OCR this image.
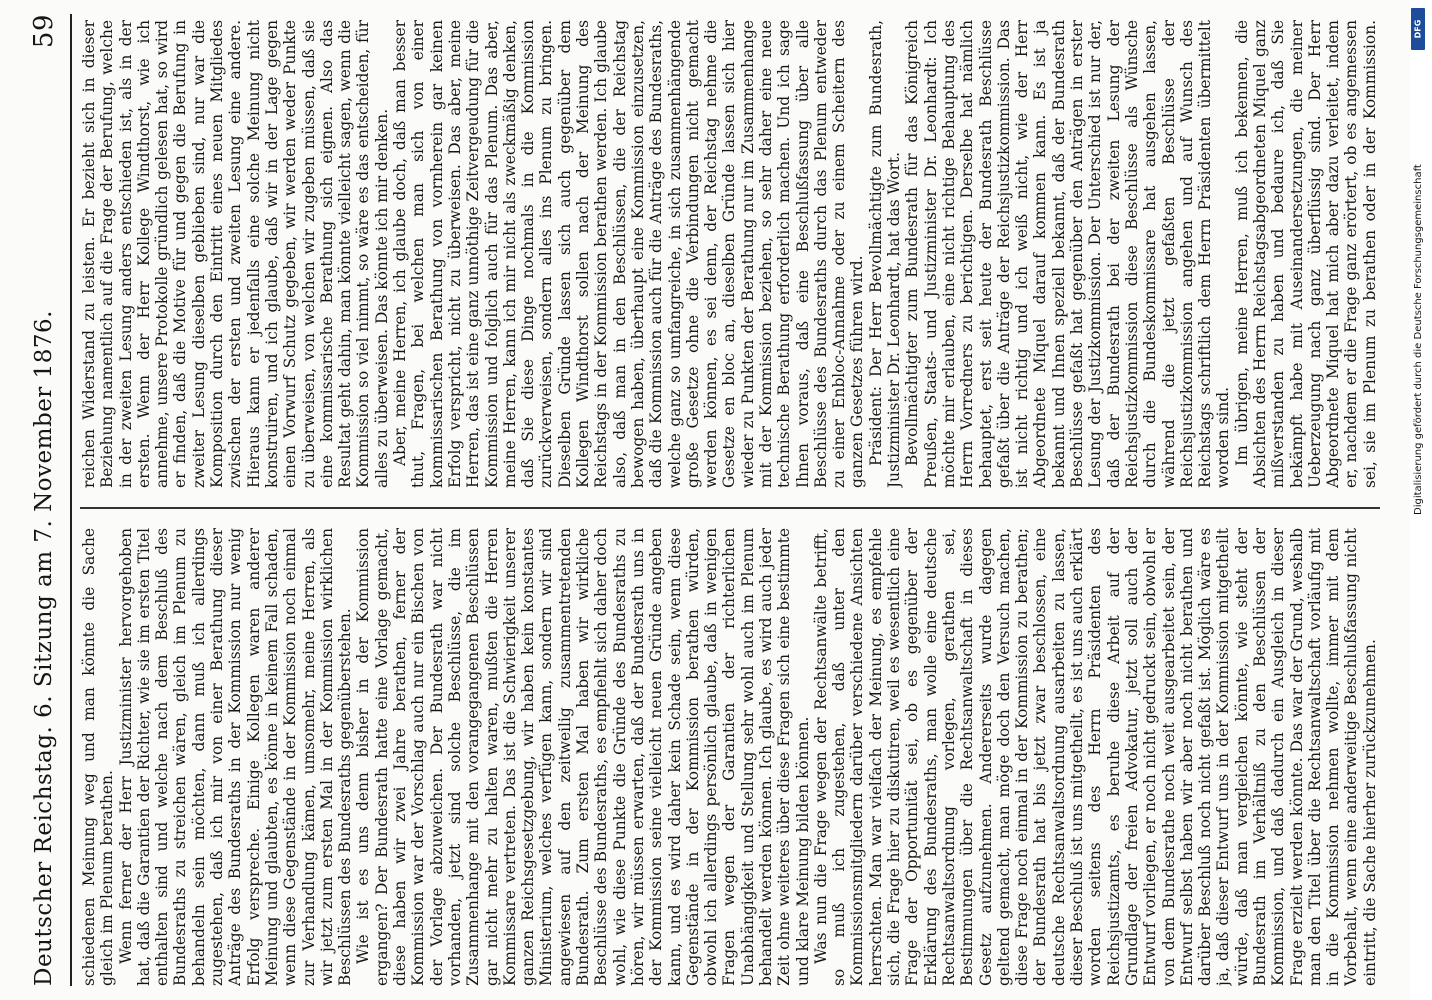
Deutscher Reichstag. 6. Sitzung am 7. November 1876.
59

schiedenen Meinung weg und man könnte die Sache gleich im Plenum berathen. Wenn ferner der Herr Justizminister hervorgehoben hat, daß die Garantien der Richter, wie sie im ersten Titel enthalten sind und welche nach dem Beschluß des Bundesraths zu streichen wären, gleich im Plenum zu behandeln sein möchten, dann muß ich allerdings zugestehen, daß ich mir von einer Berathung dieser Anträge des Bundesraths in der Kommission nur wenig Erfolg verspreche. Einige Kollegen waren anderer Meinung und glaubten, es könne in keinem Fall schaden, wenn diese Gegenstände in der Kommission noch einmal zur Verhandlung kämen, umsomehr, meine Herren, als wir jetzt zum ersten Mal in der Kommission wirklichen Beschlüssen des Bundesraths gegenüberstehen. Wie ist es uns denn bisher in der Kommission ergangen? Der Bundesrath hatte eine Vorlage gemacht, diese haben wir zwei Jahre berathen, ferner der Kommission war der Vorschlag auch nur ein Bischen von der Vorlage abzuweichen. Der Bundesrath war nicht vorhanden, jetzt sind solche Beschlüsse, die im Zusammenhange mit den vorangegangenen Beschlüssen gar nicht mehr zu halten waren, mußten die Herren Kommissare vertreten. Das ist die Schwierigkeit unserer ganzen Reichsgesetzgebung, wir haben kein konstantes Ministerium, welches verfügen kann, sondern wir sind angewiesen auf den zeitweilig zusammentretenden Bundesrath. Zum ersten Mal haben wir wirkliche Beschlüsse des Bundesraths, es empfiehlt sich daher doch wohl, wie diese Punkte die Gründe des Bundesraths zu hören, wir müssen erwarten, daß der Bundesrath uns in der Kommission seine vielleicht neuen Gründe angeben kann, und es wird daher kein Schade sein, wenn diese Gegenstände in der Kommission berathen würden, obwohl ich allerdings persönlich glaube, daß in wenigen Fragen wegen der Garantien der richterlichen Unabhängigkeit und Stellung sehr wohl auch im Plenum behandelt werden können. Ich glaube, es wird auch jeder Zeit ohne weiteres über diese Fragen sich eine bestimmte und klare Meinung bilden können. Was nun die Frage wegen der Rechtsanwälte betrifft, so muß ich zugestehen, daß unter den Kommissionsmitgliedern darüber verschiedene Ansichten herrschten. Man war vielfach der Meinung, es empfehle sich, die Frage hier zu diskutiren, weil es wesentlich eine Frage der Opportunität sei, ob es gegenüber der Erklärung des Bundesraths, man wolle eine deutsche Rechtsanwaltsordnung vorlegen, gerathen sei, Bestimmungen über die Rechtsanwaltschaft in dieses Gesetz aufzunehmen. Andererseits wurde dagegen geltend gemacht, man möge doch den Versuch machen, diese Frage noch einmal in der Kommission zu berathen; der Bundesrath hat bis jetzt zwar beschlossen, eine deutsche Rechtsanwaltsordnung ausarbeiten zu lassen, dieser Beschluß ist uns mitgetheilt, es ist uns auch erklärt worden seitens des Herrn Präsidenten des Reichsjustizamts, es beruhe diese Arbeit auf der Grundlage der freien Advokatur, jetzt soll auch der Entwurf vorliegen, er noch nicht gedruckt sein, obwohl er von dem Bundesrathe noch weit ausgearbeitet sein, der Entwurf selbst haben wir aber noch nicht berathen und darüber Beschluß noch nicht gefaßt ist. Möglich wäre es ja, daß dieser Entwurf uns in der Kommission mitgetheilt würde, daß man vergleichen könnte, wie steht der Bundesrath im Verhältniß zu den Beschlüssen der Kommission, und daß dadurch ein Ausgleich in dieser Frage erzielt werden könnte. Das war der Grund, weshalb man den Titel über die Rechtsanwaltschaft vorläufig mit in die Kommission nehmen wollte, immer mit dem Vorbehalt, wenn eine anderweitige Beschlußfassung nicht eintritt, die Sache hierher zurückzunehmen.

reichen Widerstand zu leisten. Er bezieht sich in dieser Beziehung namentlich auf die Frage der Berufung, welche in der zweiten Lesung anders entschieden ist, als in der ersten. Wenn der Herr Kollege Windthorst, wie ich annehme, unsere Protokolle gründlich gelesen hat, so wird er finden, daß die Motive für und gegen die Berufung in zweiter Lesung dieselben geblieben sind, nur war die Komposition durch den Eintritt eines neuen Mitgliedes zwischen der ersten und zweiten Lesung eine andere. Hieraus kann er jedenfalls eine solche Meinung nicht konstruiren, und ich glaube, daß wir in der Lage gegen einen Vorwurf Schutz gegeben, wir werden weder Punkte zu überweisen, von welchen wir zugeben müssen, daß sie eine kommissarische Berathung sich eignen. Also das Resultat geht dahin, man könnte vielleicht sagen, wenn die Kommission so viel nimmt, so wäre es das entscheiden, für alles zu überweisen. Das könnte ich mir denken. Aber, meine Herren, ich glaube doch, daß man besser thut, Fragen, bei welchen man sich von einer kommissarischen Berathung von vornherein gar keinen Erfolg verspricht, nicht zu überweisen. Das aber, meine Herren, das ist eine ganz unnöthige Zeitvergeudung für die Kommission und folglich auch für das Plenum. Das aber, meine Herren, kann ich mir nicht als zweckmäßig denken, daß Sie diese Dinge nochmals in die Kommission zurückverweisen, sondern alles ins Plenum zu bringen. Dieselben Gründe lassen sich auch gegenüber dem Kollegen Windthorst sollen nach der Meinung des Reichstags in der Kommission berathen werden. Ich glaube also, daß man in den Beschlüssen, die der Reichstag bewogen haben, überhaupt eine Kommission einzusetzen, daß die Kommission auch für die Anträge des Bundesraths, welche ganz so umfangreiche, in sich zusammenhängende große Gesetze ohne die Verbindungen nicht gemacht werden können, es sei denn, der Reichstag nehme die Gesetze en bloc an, dieselben Gründe lassen sich hier wieder zu Punkten der Berathung nur im Zusammenhange mit der Kommission beziehen, so sehr daher eine neue technische Berathung erforderlich machen. Und ich sage Ihnen voraus, daß eine Beschlußfassung über alle Beschlüsse des Bundesraths durch das Plenum entweder zu einer Enbloc-Annahme oder zu einem Scheitern des ganzen Gesetzes führen wird. Präsident: Der Herr Bevollmächtigte zum Bundesrath, Justizminister Dr. Leonhardt, hat das Wort. Bevollmächtigter zum Bundesrath für das Königreich Preußen, Staats- und Justizminister Dr. Leonhardt: Ich möchte mir erlauben, eine nicht richtige Behauptung des Herrn Vorredners zu berichtigen. Derselbe hat nämlich behauptet, erst seit heute der Bundesrath Beschlüsse gefaßt über die Anträge der Reichsjustizkommission. Das ist nicht richtig und ich weiß nicht, wie der Herr Abgeordnete Miquel darauf kommen kann. Es ist ja bekannt und Ihnen speziell bekannt, daß der Bundesrath Beschlüsse gefaßt hat gegenüber den Anträgen in erster Lesung der Justizkommission. Der Unterschied ist nur der, daß der Bundesrath bei der zweiten Lesung der Reichsjustizkommission diese Beschlüsse als Wünsche durch die Bundeskommissare hat ausgehen lassen, während die jetzt gefaßten Beschlüsse der Reichsjustizkommission angehen und auf Wunsch des Reichstags schriftlich dem Herrn Präsidenten übermittelt worden sind. Im übrigen, meine Herren, muß ich bekennen, die Absichten des Herrn Reichstagsabgeordneten Miquel ganz mißverstanden zu haben und bedaure ich, daß Sie bekämpft habe mit Auseinandersetzungen, die meiner Ueberzeugung nach ganz überflüssig sind. Der Herr Abgeordnete Miquel hat mich aber dazu verleitet, indem er, nachdem er die Frage ganz erörtert, ob es angemessen sei, sie im Plenum zu berathen oder in der Kommission.	DFG
Digitalisierung gefördert durch die Deutsche Forschungsgemeinschaft
